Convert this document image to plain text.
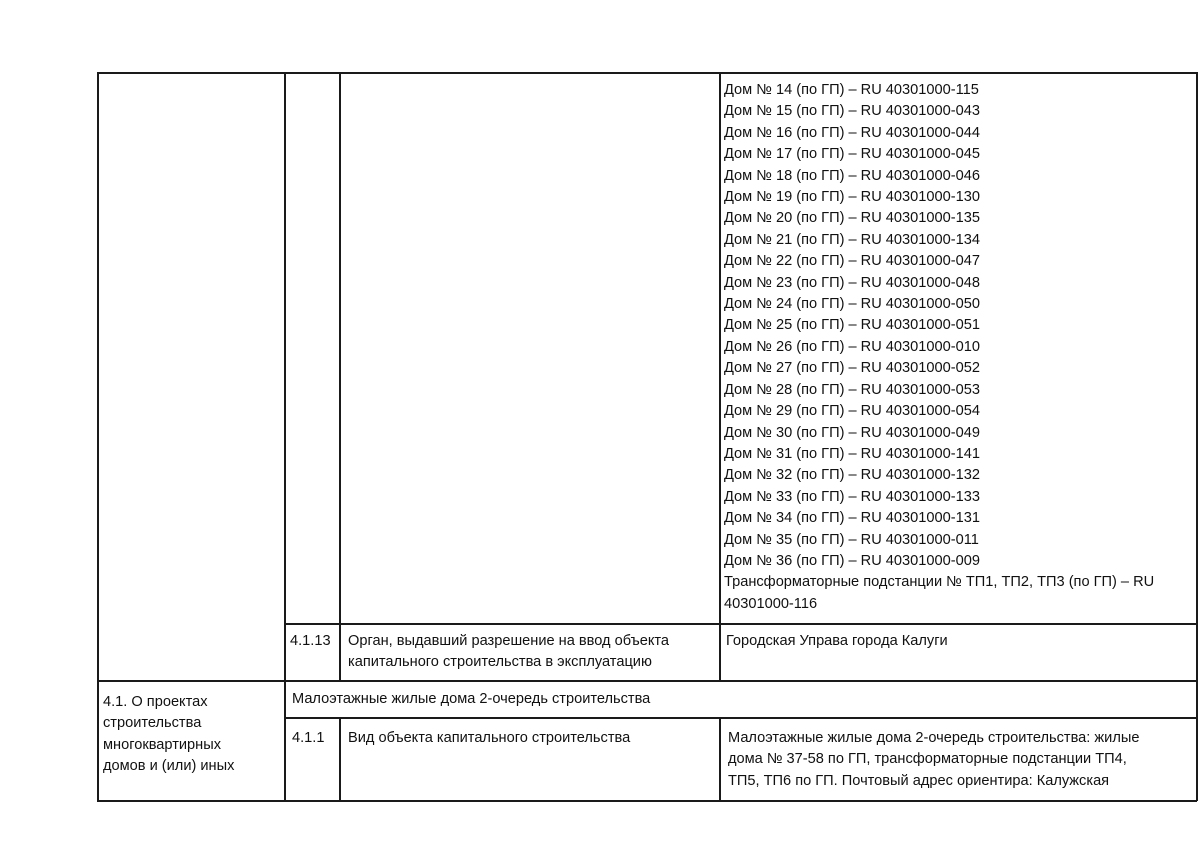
Дом № 14 (по ГП) – RU 40301000-115
Дом № 15 (по ГП) – RU 40301000-043
Дом № 16 (по ГП) – RU 40301000-044
Дом № 17 (по ГП) – RU 40301000-045
Дом № 18 (по ГП) – RU 40301000-046
Дом № 19 (по ГП) – RU 40301000-130
Дом № 20 (по ГП) – RU 40301000-135
Дом № 21 (по ГП) – RU 40301000-134
Дом № 22 (по ГП) – RU 40301000-047
Дом № 23 (по ГП) – RU 40301000-048
Дом № 24 (по ГП) – RU 40301000-050
Дом № 25 (по ГП) – RU 40301000-051
Дом № 26 (по ГП) – RU 40301000-010
Дом № 27 (по ГП) – RU 40301000-052
Дом № 28 (по ГП) – RU 40301000-053
Дом № 29 (по ГП) – RU 40301000-054
Дом № 30 (по ГП) – RU 40301000-049
Дом № 31 (по ГП) – RU 40301000-141
Дом № 32 (по ГП) – RU 40301000-132
Дом № 33 (по ГП) – RU 40301000-133
Дом № 34 (по ГП) – RU 40301000-131
Дом № 35 (по ГП) – RU 40301000-011
Дом № 36 (по ГП) – RU 40301000-009
Трансформаторные подстанции № ТП1, ТП2, ТП3 (по ГП) – RU
40301000-116
4.1.13 Орган, выдавший разрешение на ввод объекта
капитального строительства в эксплуатацию
Городская Управа города Калуги
4.1. О проектах
строительства
многоквартирных
домов и (или) иных
Малоэтажные жилые дома 2-очередь строительства
4.1.1 Вид объекта капитального строительства	Малоэтажные жилые дома 2-очередь строительства: жилые
дома № 37-58 по ГП, трансформаторные подстанции ТП4,
ТП5, ТП6 по ГП. Почтовый адрес ориентира: Калужская
